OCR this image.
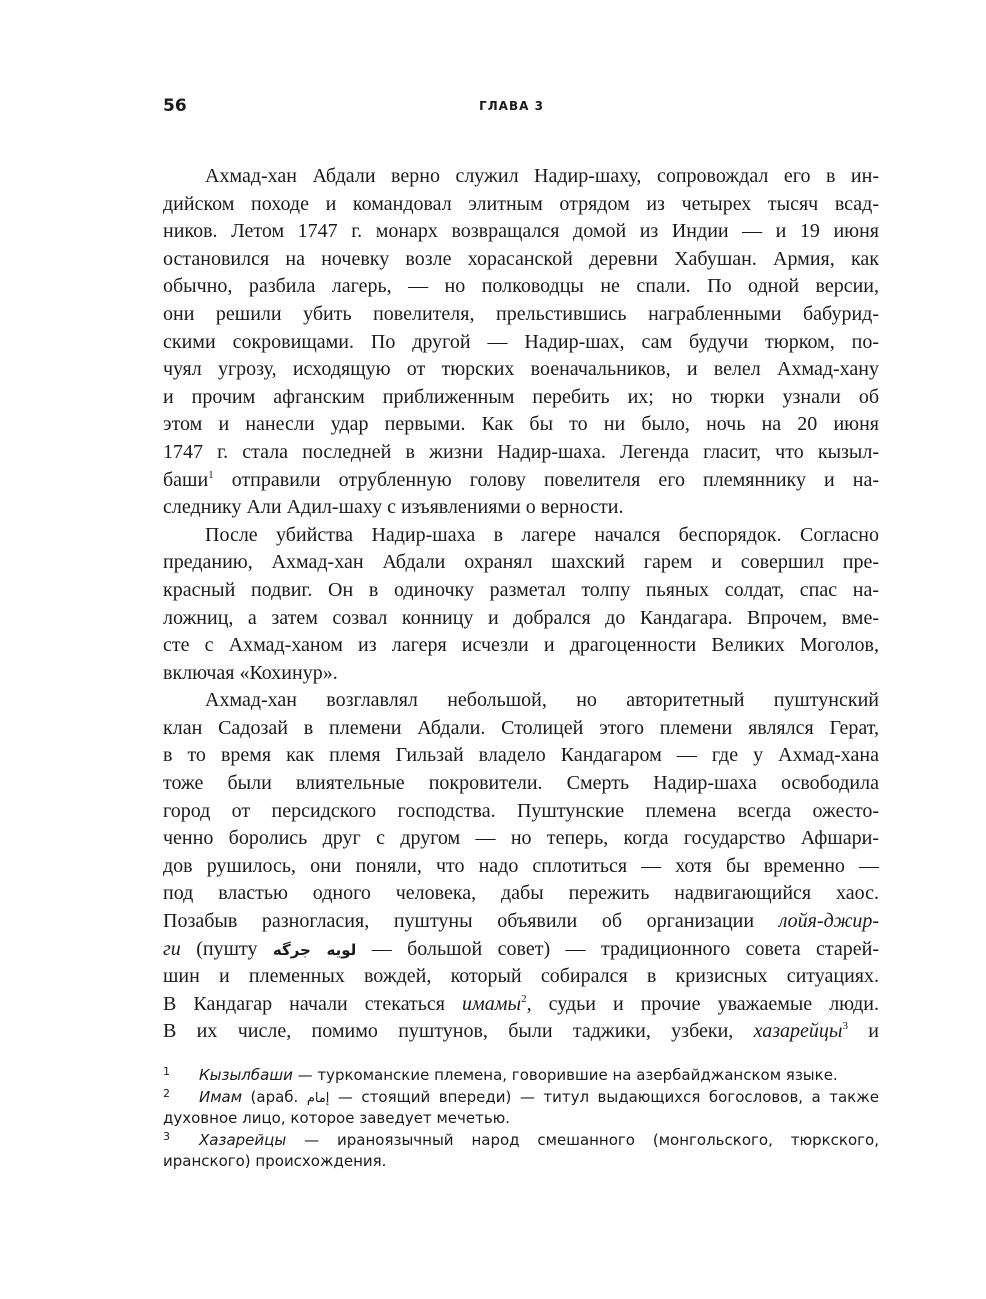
56	ГЛАВА 3
Ахмад-хан Абдали верно служил Надир-шаху, сопровождал его в ин-
дийском походе и командовал элитным отрядом из четырех тысяч всад-
ников. Летом 1747 г. монарх возвращался домой из Индии — и 19 июня
остановился на ночевку возле хорасанской деревни Хабушан. Армия, как
обычно, разбила лагерь, — но полководцы не спали. По одной версии,
они решили убить повелителя, прельстившись награбленными бабурид-
скими сокровищами. По другой — Надир-шах, сам будучи тюрком, по-
чуял угрозу, исходящую от тюрских военачальников, и велел Ахмад-хану
и прочим афганским приближенным перебить их; но тюрки узнали об
этом и нанесли удар первыми. Как бы то ни было, ночь на 20 июня
1747 г. стала последней в жизни Надир-шаха. Легенда гласит, что кызыл-
баши$^1$ отправили отрубленную голову повелителя его племяннику и на-
следнику Али Адил-шаху с изъявлениями о верности.
После убийства Надир-шаха в лагере начался беспорядок. Согласно
преданию, Ахмад-хан Абдали охранял шахский гарем и совершил пре-
красный подвиг. Он в одиночку разметал толпу пьяных солдат, спас на-
ложниц, а затем созвал конницу и добрался до Кандагара. Впрочем, вме-
сте с Ахмад-ханом из лагеря исчезли и драгоценности Великих Моголов,
включая «Кохинур».
Ахмад-хан возглавлял небольшой, но авторитетный пуштунский
клан Садозай в племени Абдали. Столицей этого племени являлся Герат,
в то время как племя Гильзай владело Кандагаром — где у Ахмад-хана
тоже были влиятельные покровители. Смерть Надир-шаха освободила
город от персидского господства. Пуштунские племена всегда ожесто-
ченно боролись друг с другом — но теперь, когда государство Афшари-
дов рушилось, они поняли, что надо сплотиться — хотя бы временно —
под властью одного человека, дабы пережить надвигающийся хаос.
Позабыв разногласия, пуштуны объявили об организации лойя-джир-
ги (пушту لویه جرگه — большой совет) — традиционного совета старей-
шин и племенных вождей, который собирался в кризисных ситуациях.
В Кандагар начали стекаться имамы$^2$, судьи и прочие уважаемые люди.
В их числе, помимо пуштунов, были таджики, узбеки, хазарейцы$^3$ и
1 Кызылбаши — туркоманские племена, говорившие на азербайджанском языке.
2 Имам (араб. إمام — стоящий впереди) — титул выдающихся богословов, а также
духовное лицо, которое заведует мечетью.
3 Хазарейцы — ираноязычный народ смешанного (монгольского, тюркского,
иранского) происхождения.
